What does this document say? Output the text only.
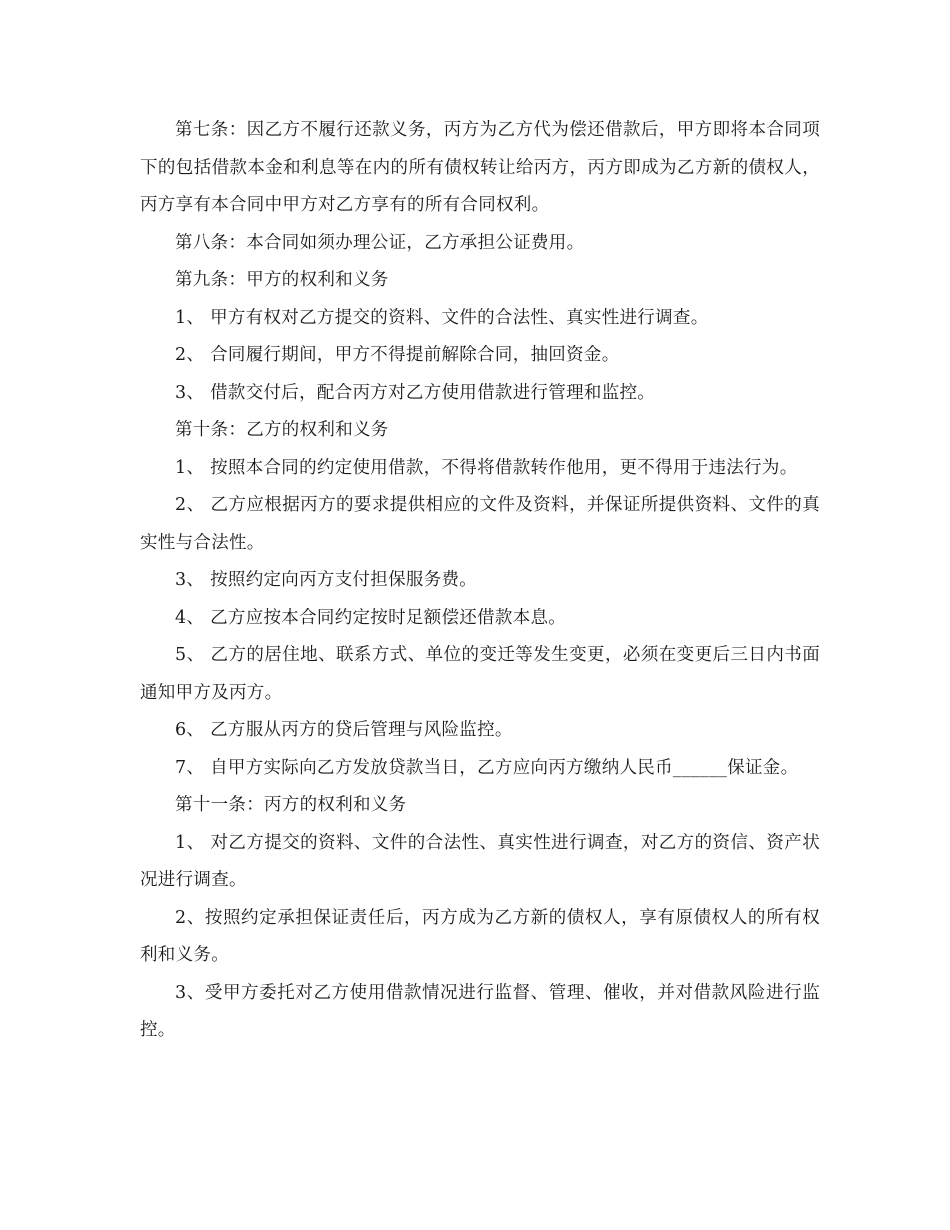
第七条：因乙方不履行还款义务，丙方为乙方代为偿还借款后，甲方即将本合同项下的包括借款本金和利息等在内的所有债权转让给丙方，丙方即成为乙方新的债权人，丙方享有本合同中甲方对乙方享有的所有合同权利。

第八条：本合同如须办理公证，乙方承担公证费用。

第九条：甲方的权利和义务

1、 甲方有权对乙方提交的资料、文件的合法性、真实性进行调查。

2、 合同履行期间，甲方不得提前解除合同，抽回资金。

3、 借款交付后，配合丙方对乙方使用借款进行管理和监控。

第十条：乙方的权利和义务

1、 按照本合同的约定使用借款，不得将借款转作他用，更不得用于违法行为。

2、 乙方应根据丙方的要求提供相应的文件及资料，并保证所提供资料、文件的真实性与合法性。

3、 按照约定向丙方支付担保服务费。

4、 乙方应按本合同约定按时足额偿还借款本息。

5、 乙方的居住地、联系方式、单位的变迁等发生变更，必须在变更后三日内书面通知甲方及丙方。

6、 乙方服从丙方的贷后管理与风险监控。

7、 自甲方实际向乙方发放贷款当日，乙方应向丙方缴纳人民币______保证金。

第十一条：丙方的权利和义务

1、 对乙方提交的资料、文件的合法性、真实性进行调查，对乙方的资信、资产状况进行调查。

2、按照约定承担保证责任后，丙方成为乙方新的债权人，享有原债权人的所有权利和义务。

3、受甲方委托对乙方使用借款情况进行监督、管理、催收，并对借款风险进行监控。
